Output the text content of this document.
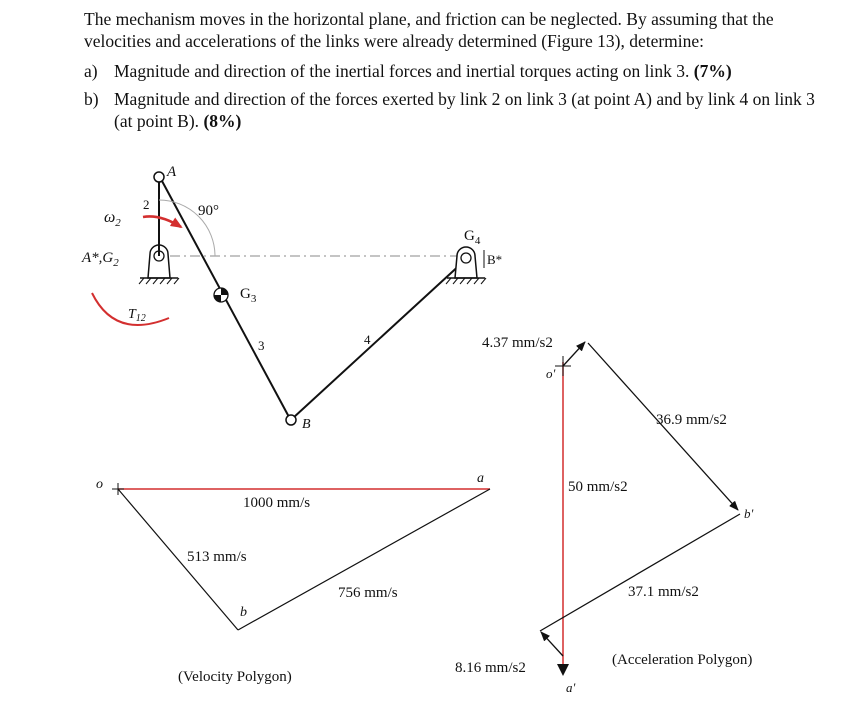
The mechanism moves in the horizontal plane, and friction can be neglected. By assuming that the velocities and accelerations of the links were already determined (Figure 13), determine:

a) Magnitude and direction of the inertial forces and inertial torques acting on link 3. (7%)
b) Magnitude and direction of the forces exerted by link 2 on link 3 (at point A) and by link 4 on link 3 (at point B). (8%)
A
2
$\omega_2$
90°
$A*,G_2$
$T_{12}$
$G_3$
3	4
$G_4$
B*
B
o	a
b
1000 mm/s
513 mm/s
756 mm/s
(Velocity Polygon)
o'
a'
b'
4.37 mm/s2
36.9 mm/s2
50 mm/s2
37.1 mm/s2
8.16 mm/s2	(Acceleration Polygon)
